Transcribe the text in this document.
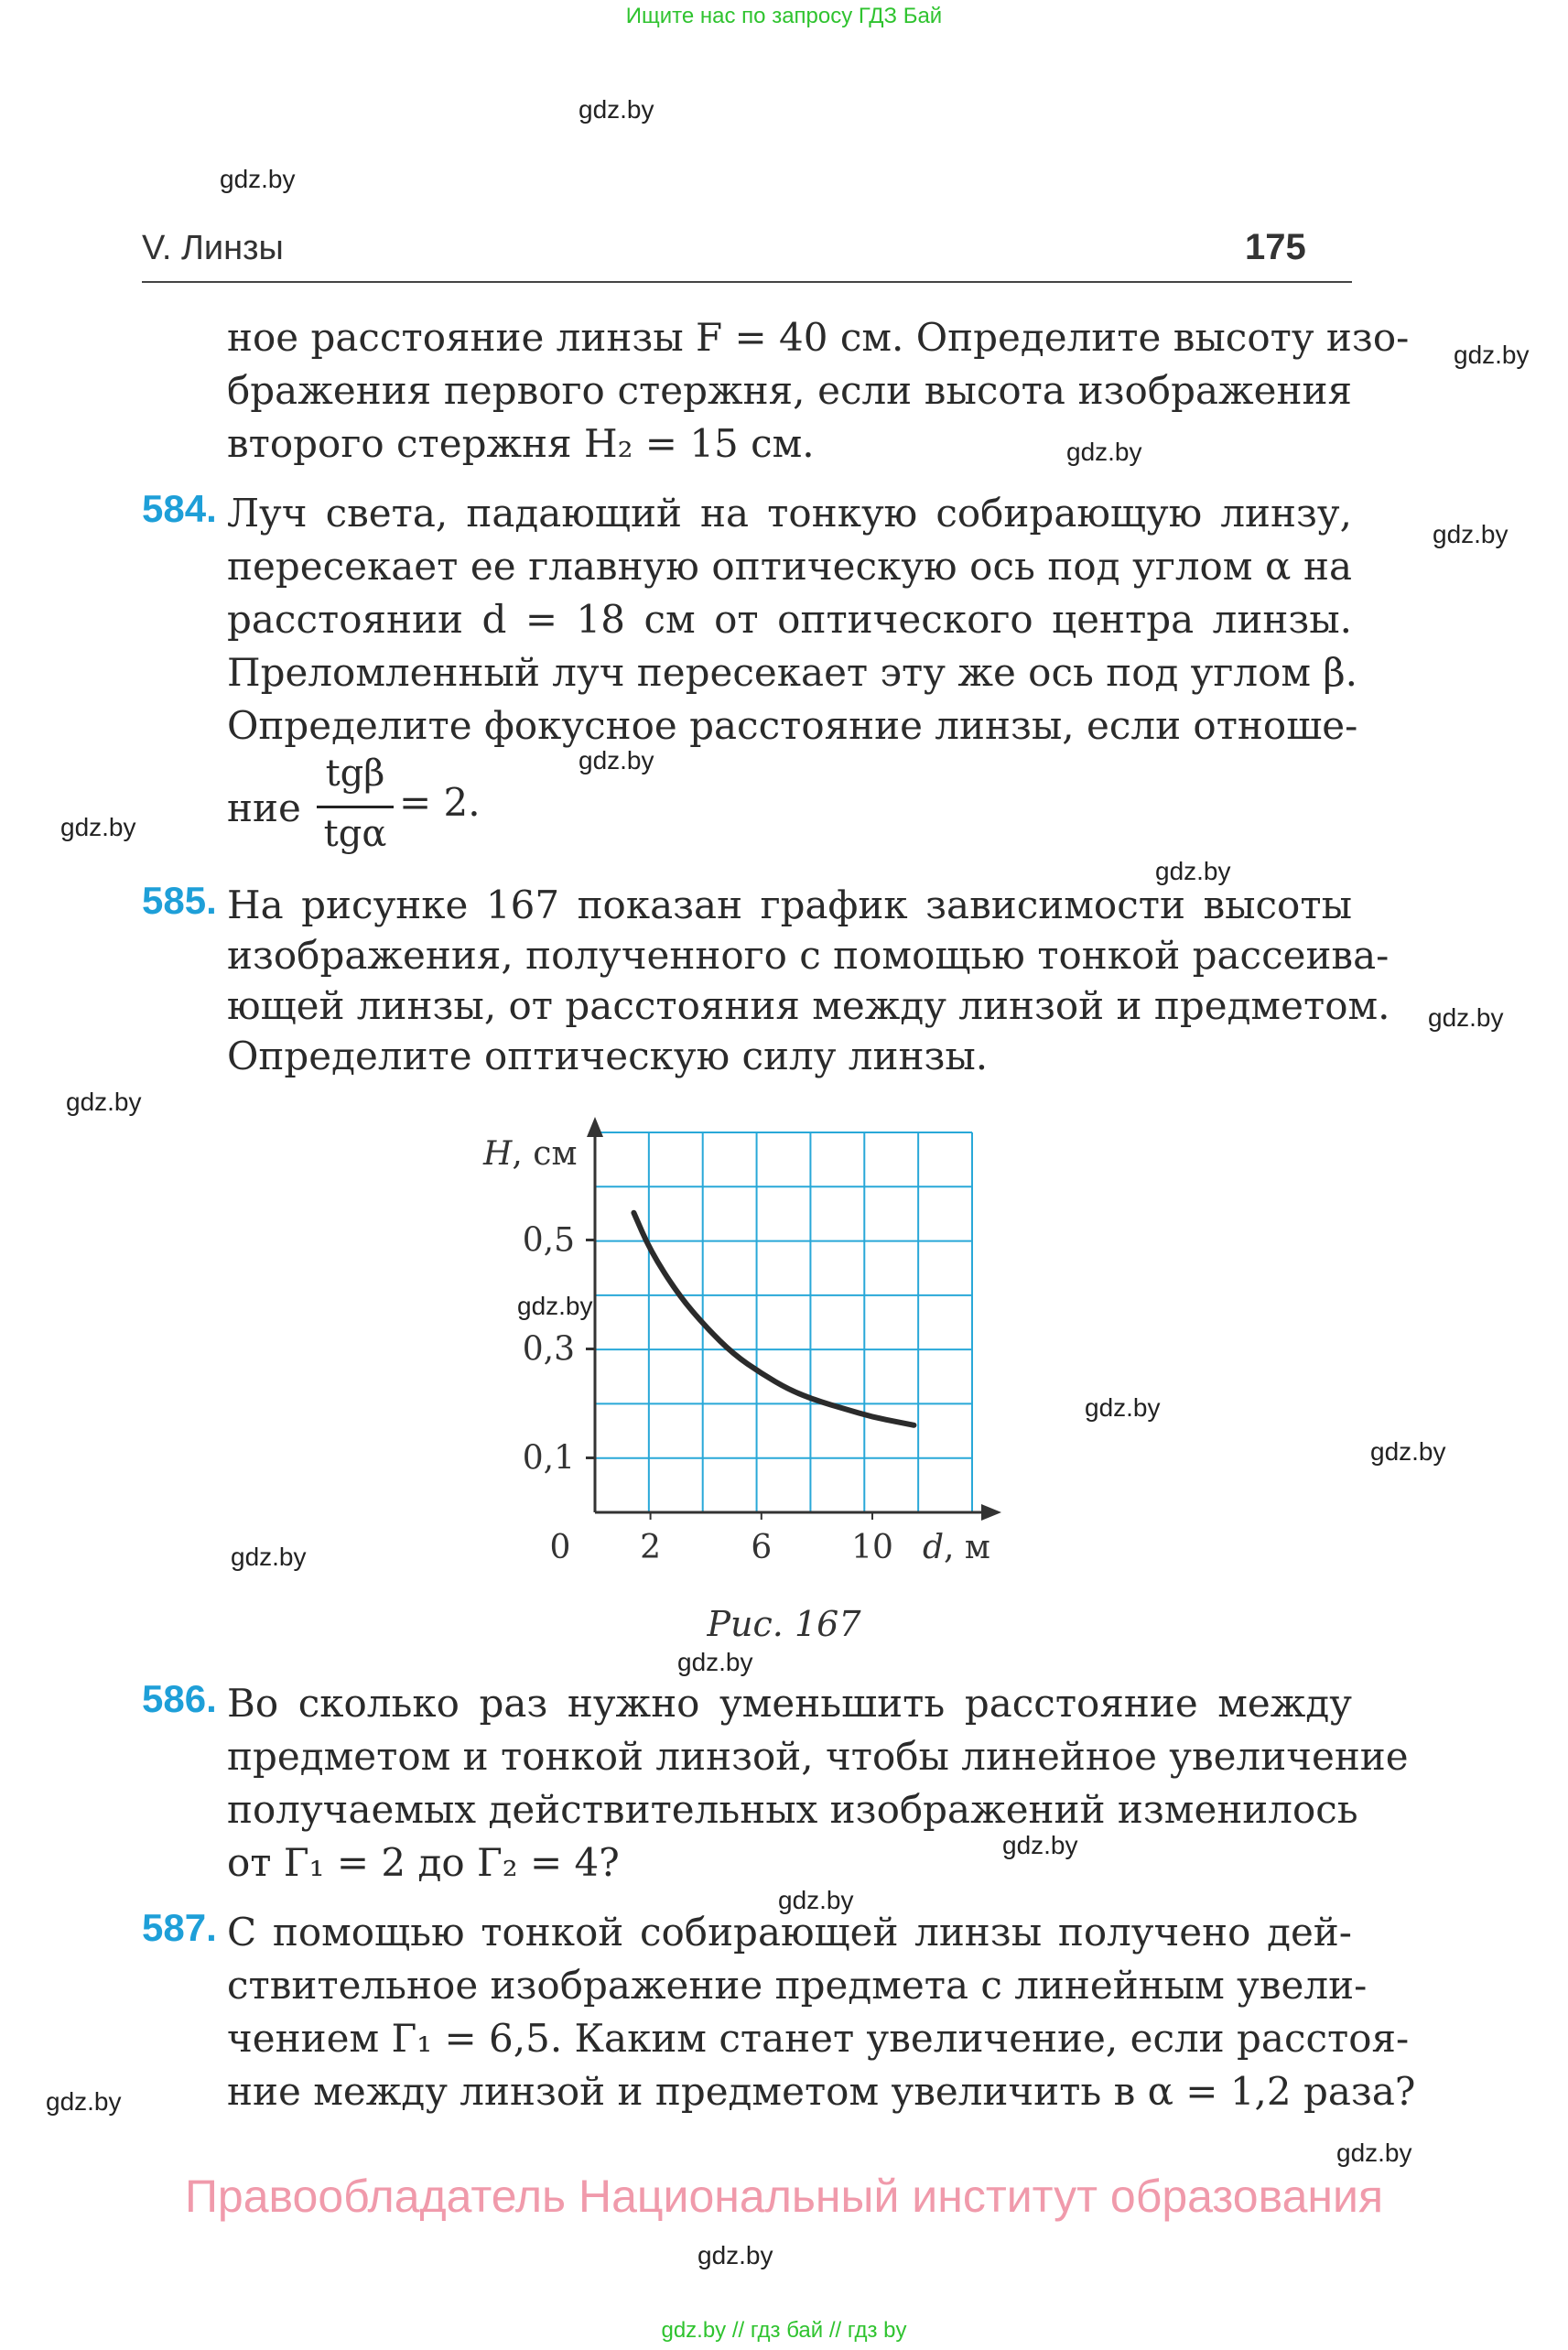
Ищите нас по запросу ГДЗ Бай
gdz.by
gdz.by
gdz.by
gdz.by
gdz.by
gdz.by
gdz.by
gdz.by
gdz.by
gdz.by
gdz.by
gdz.by
gdz.by
gdz.by
gdz.by
gdz.by
gdz.by
gdz.by
gdz.by
gdz.by
V. Линзы	175
ное расстояние линзы F = 40 см. Определите высоту изо-
бражения первого стержня, если высота изображения
второго стержня H₂ = 15 см.
584. Луч света, падающий на тонкую собирающую линзу,
пересекает ее главную оптическую ось под углом α на
расстоянии d = 18 см от оптического центра линзы.
Преломленный луч пересекает эту же ось под углом β.
Определите фокусное расстояние линзы, если отноше-
ние
tgβ
tgα
= 2.
585. На рисунке 167 показан график зависимости высоты
изображения, полученного с помощью тонкой рассеива-
ющей линзы, от расстояния между линзой и предметом.
Определите оптическую силу линзы.
0,1
0,3
0,5
0 2	6 10
H, см
d, м
Рис. 167
586. Во сколько раз нужно уменьшить расстояние между
предметом и тонкой линзой, чтобы линейное увеличение
получаемых действительных изображений изменилось
от Г₁ = 2 до Г₂ = 4?
587. С помощью тонкой собирающей линзы получено дей-
ствительное изображение предмета с линейным увели-
чением Г₁ = 6,5. Каким станет увеличение, если расстоя-
ние между линзой и предметом увеличить в α = 1,2 раза?
Правообладатель Национальный институт образования
gdz.by // гдз бай // гдз by
